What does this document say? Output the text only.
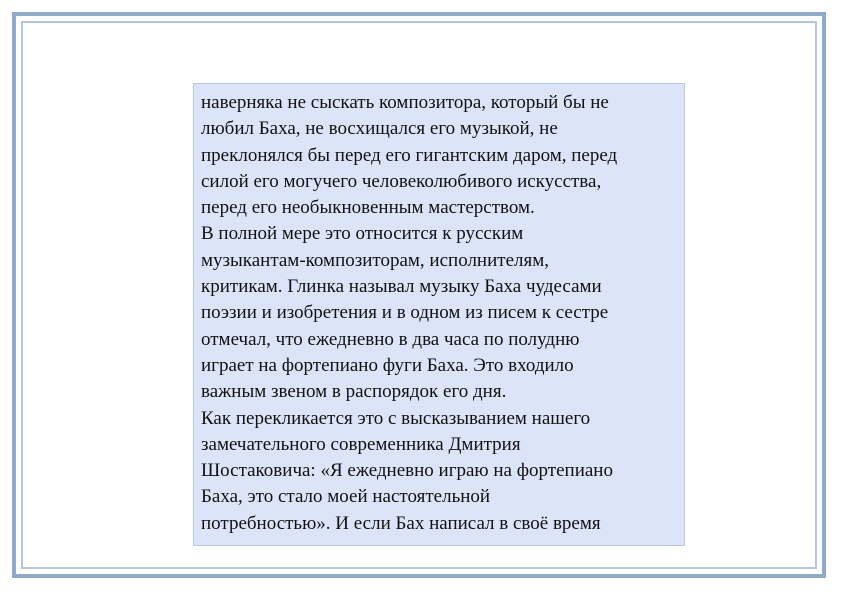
наверняка не сыскать композитора, который бы не
любил Баха, не восхищался его музыкой, не
преклонялся бы перед его гигантским даром, перед
силой его могучего человеколюбивого искусства,
перед его необыкновенным мастерством.

В полной мере это относится к русским
музыкантам-композиторам, исполнителям,
критикам. Глинка называл музыку Баха чудесами
поэзии и изобретения и в одном из писем к сестре
отмечал, что ежедневно в два часа по полудню
играет на фортепиано фуги Баха. Это входило
важным звеном в распорядок его дня.

Как перекликается это с высказыванием нашего
замечательного современника Дмитрия
Шостаковича: «Я ежедневно играю на фортепиано
Баха, это стало моей настоятельной
потребностью». И если Бах написал в своё время
